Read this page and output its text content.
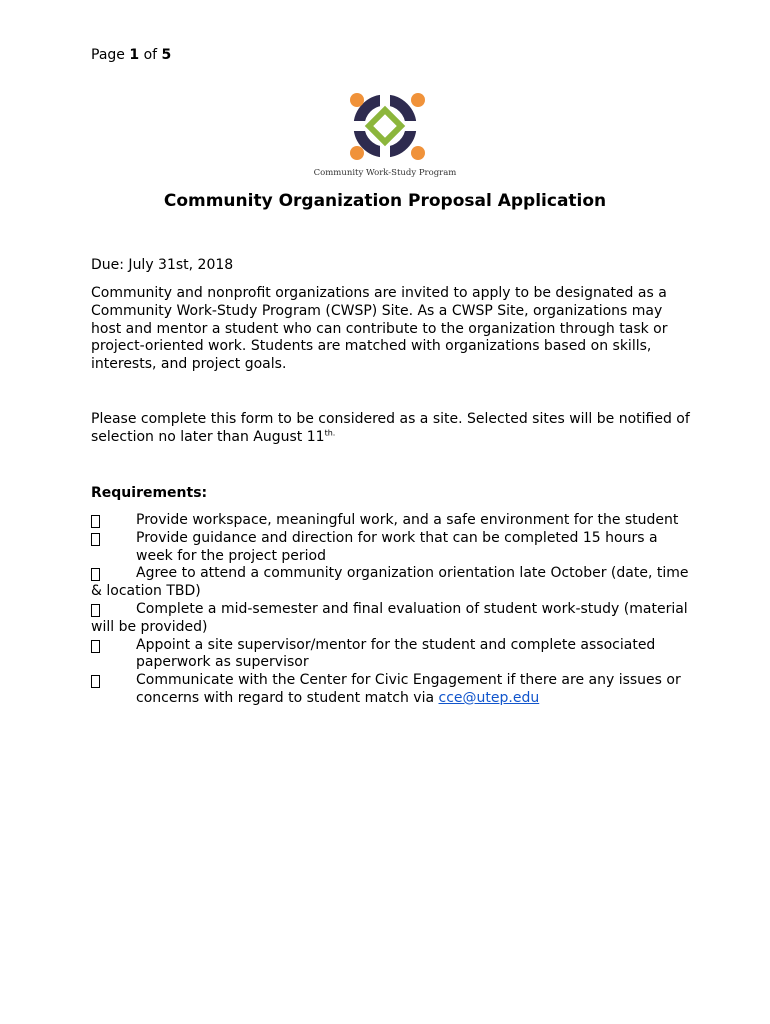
Page 1 of 5
Community Work-Study Program
Community Organization Proposal Application
Due: July 31st, 2018
Community and nonprofit organizations are invited to apply to be designated as a Community Work-Study Program (CWSP) Site. As a CWSP Site, organizations may host and mentor a student who can contribute to the organization through task or project-oriented work. Students are matched with organizations based on skills, interests, and project goals.
Please complete this form to be considered as a site. Selected sites will be notified of selection no later than August $11^{th.}$
Requirements:
Provide workspace, meaningful work, and a safe environment for the student
Provide guidance and direction for work that can be completed 15 hours a week for the project period
Agree to attend a community organization orientation late October (date, time & location TBD)
Complete a mid-semester and final evaluation of student work-study (material will be provided)
Appoint a site supervisor/mentor for the student and complete associated paperwork as supervisor
Communicate with the Center for Civic Engagement if there are any issues or concerns with regard to student match via cce@utep.edu
